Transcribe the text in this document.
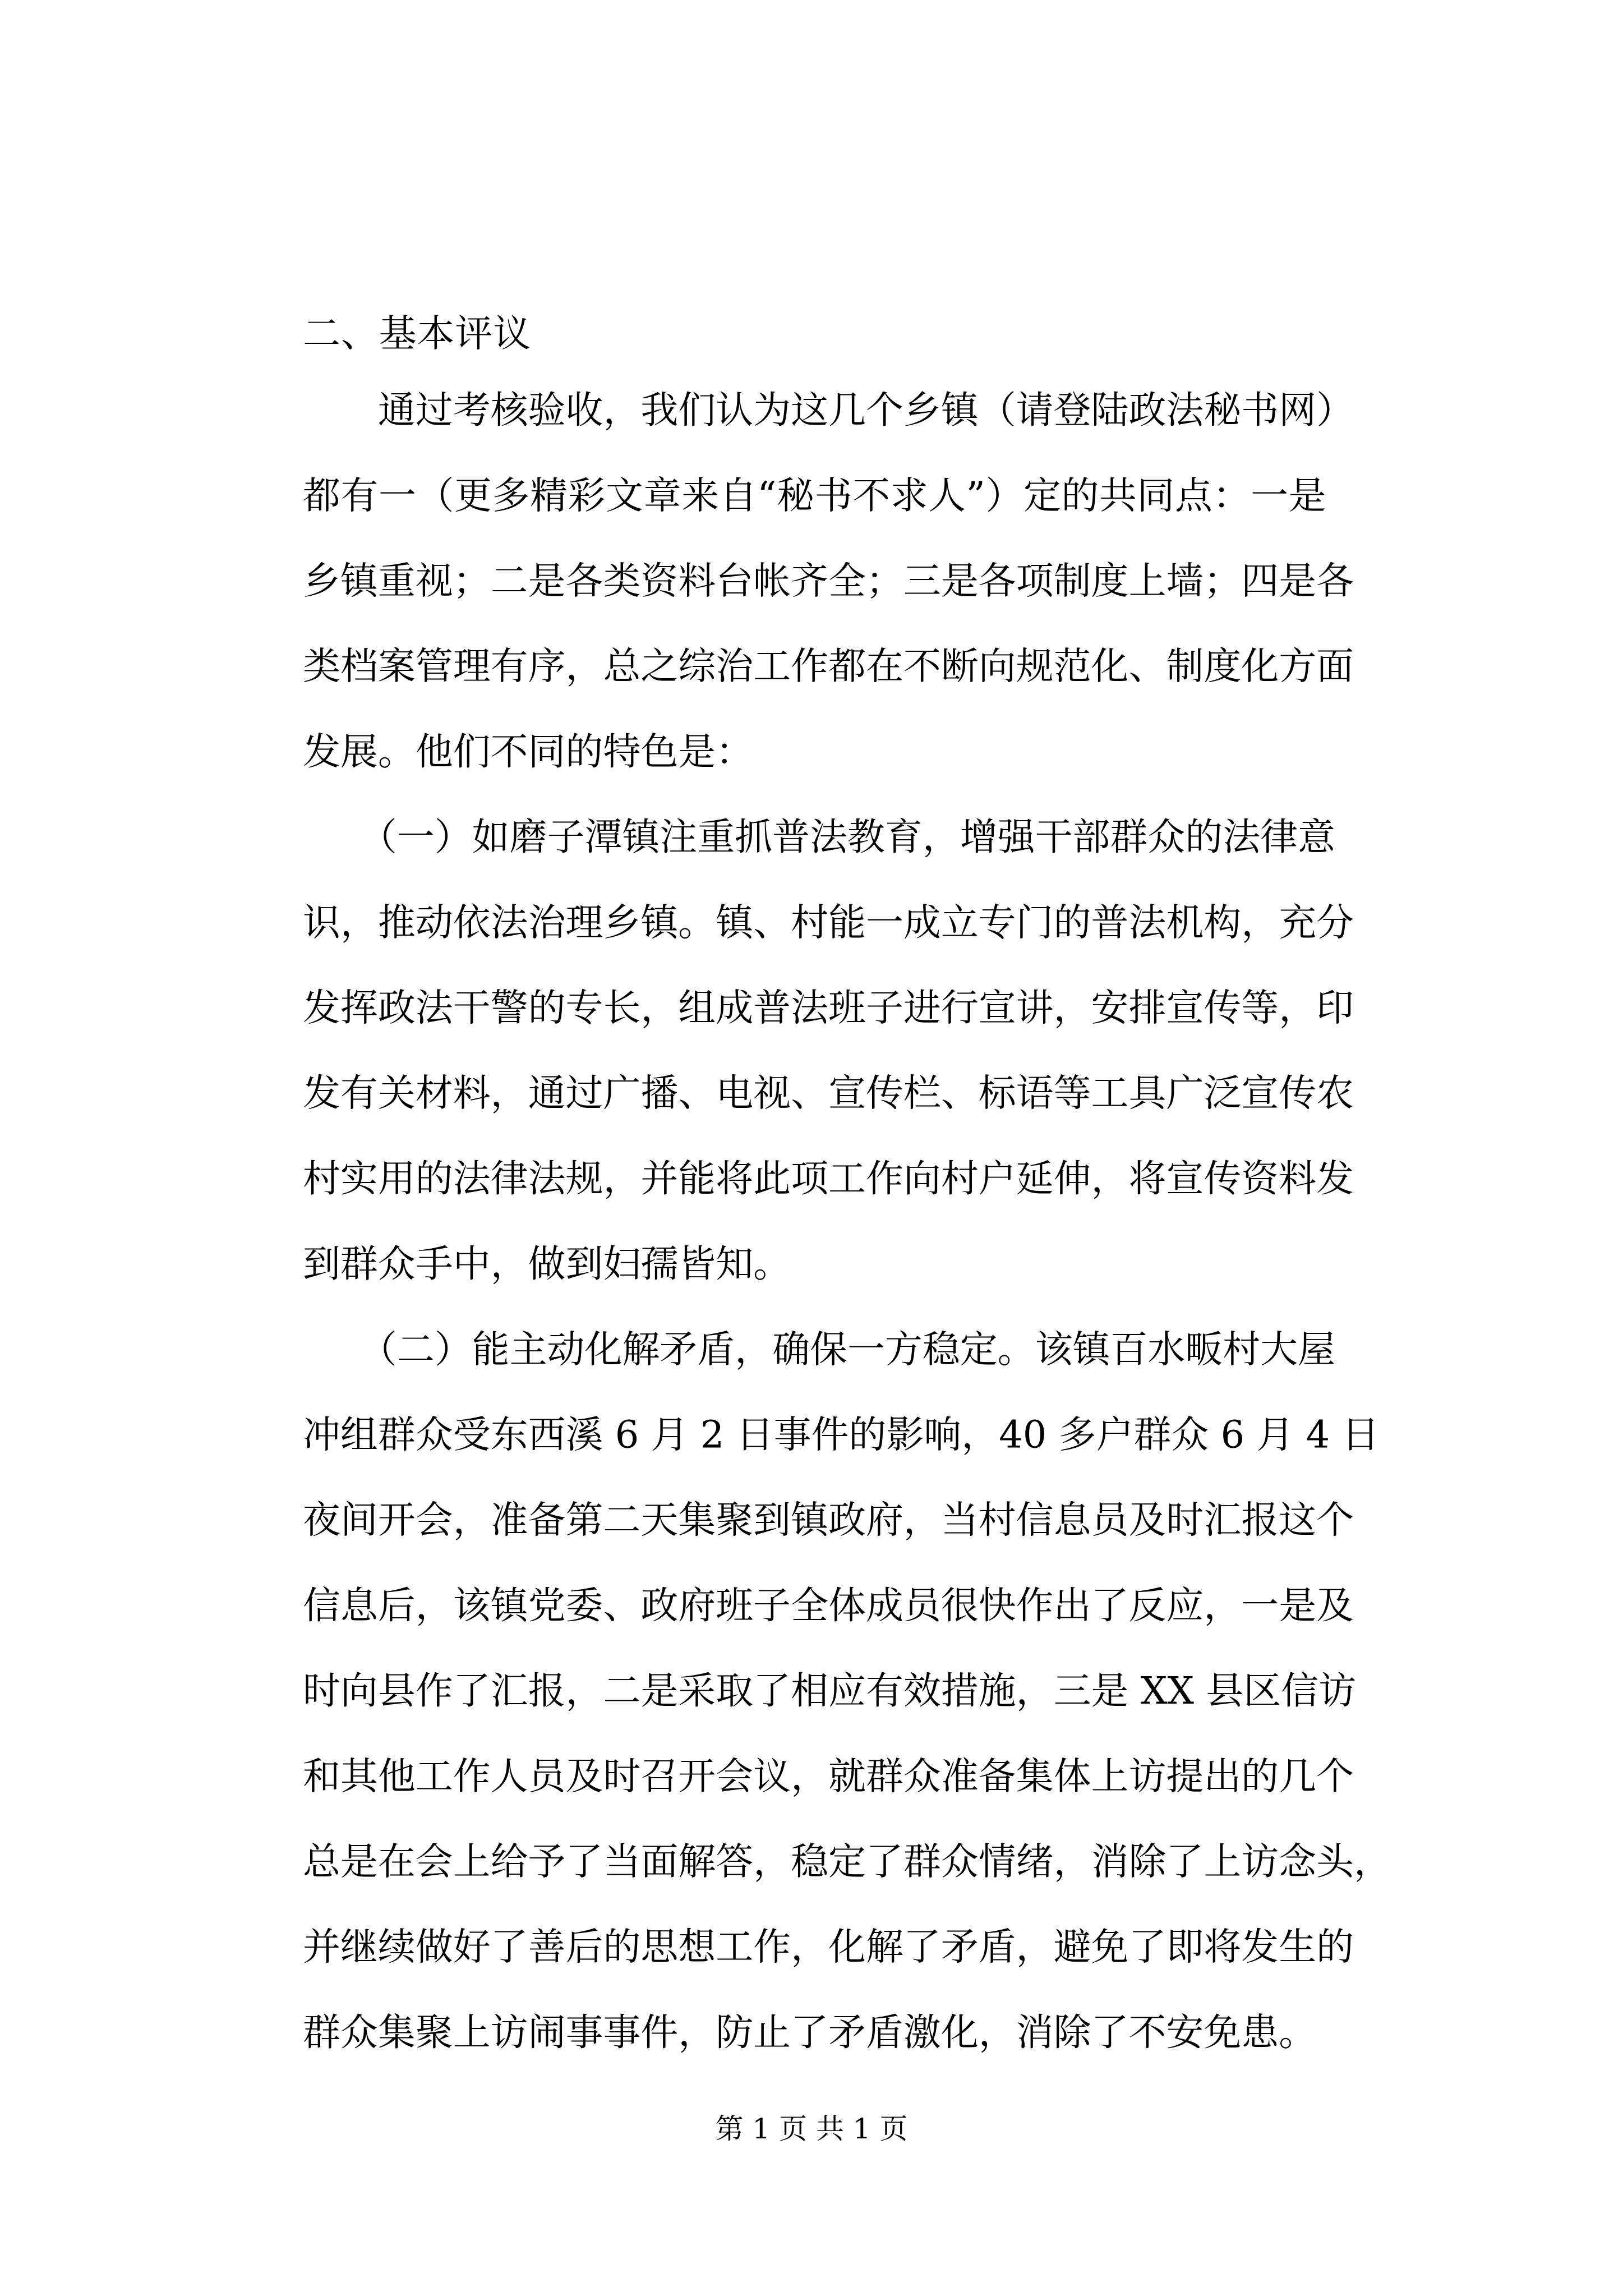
二、基本评议
通过考核验收，我们认为这几个乡镇（请登陆政法秘书网）
都有一（更多精彩文章来自“秘书不求人”）定的共同点：一是
乡镇重视；二是各类资料台帐齐全；三是各项制度上墙；四是各
类档案管理有序，总之综治工作都在不断向规范化、制度化方面
发展。他们不同的特色是：
（一）如磨子潭镇注重抓普法教育，增强干部群众的法律意
识，推动依法治理乡镇。镇、村能一成立专门的普法机构，充分
发挥政法干警的专长，组成普法班子进行宣讲，安排宣传等，印
发有关材料，通过广播、电视、宣传栏、标语等工具广泛宣传农
村实用的法律法规，并能将此项工作向村户延伸，将宣传资料发
到群众手中，做到妇孺皆知。
（二）能主动化解矛盾，确保一方稳定。该镇百水畈村大屋
冲组群众受东西溪 6 月 2 日事件的影响，40 多户群众 6 月 4 日
夜间开会，准备第二天集聚到镇政府，当村信息员及时汇报这个
信息后，该镇党委、政府班子全体成员很快作出了反应，一是及
时向县作了汇报，二是采取了相应有效措施，三是 XX 县区信访
和其他工作人员及时召开会议，就群众准备集体上访提出的几个
总是在会上给予了当面解答，稳定了群众情绪，消除了上访念头，
并继续做好了善后的思想工作，化解了矛盾，避免了即将发生的
群众集聚上访闹事事件，防止了矛盾激化，消除了不安免患。
第 1 页 共 1 页
